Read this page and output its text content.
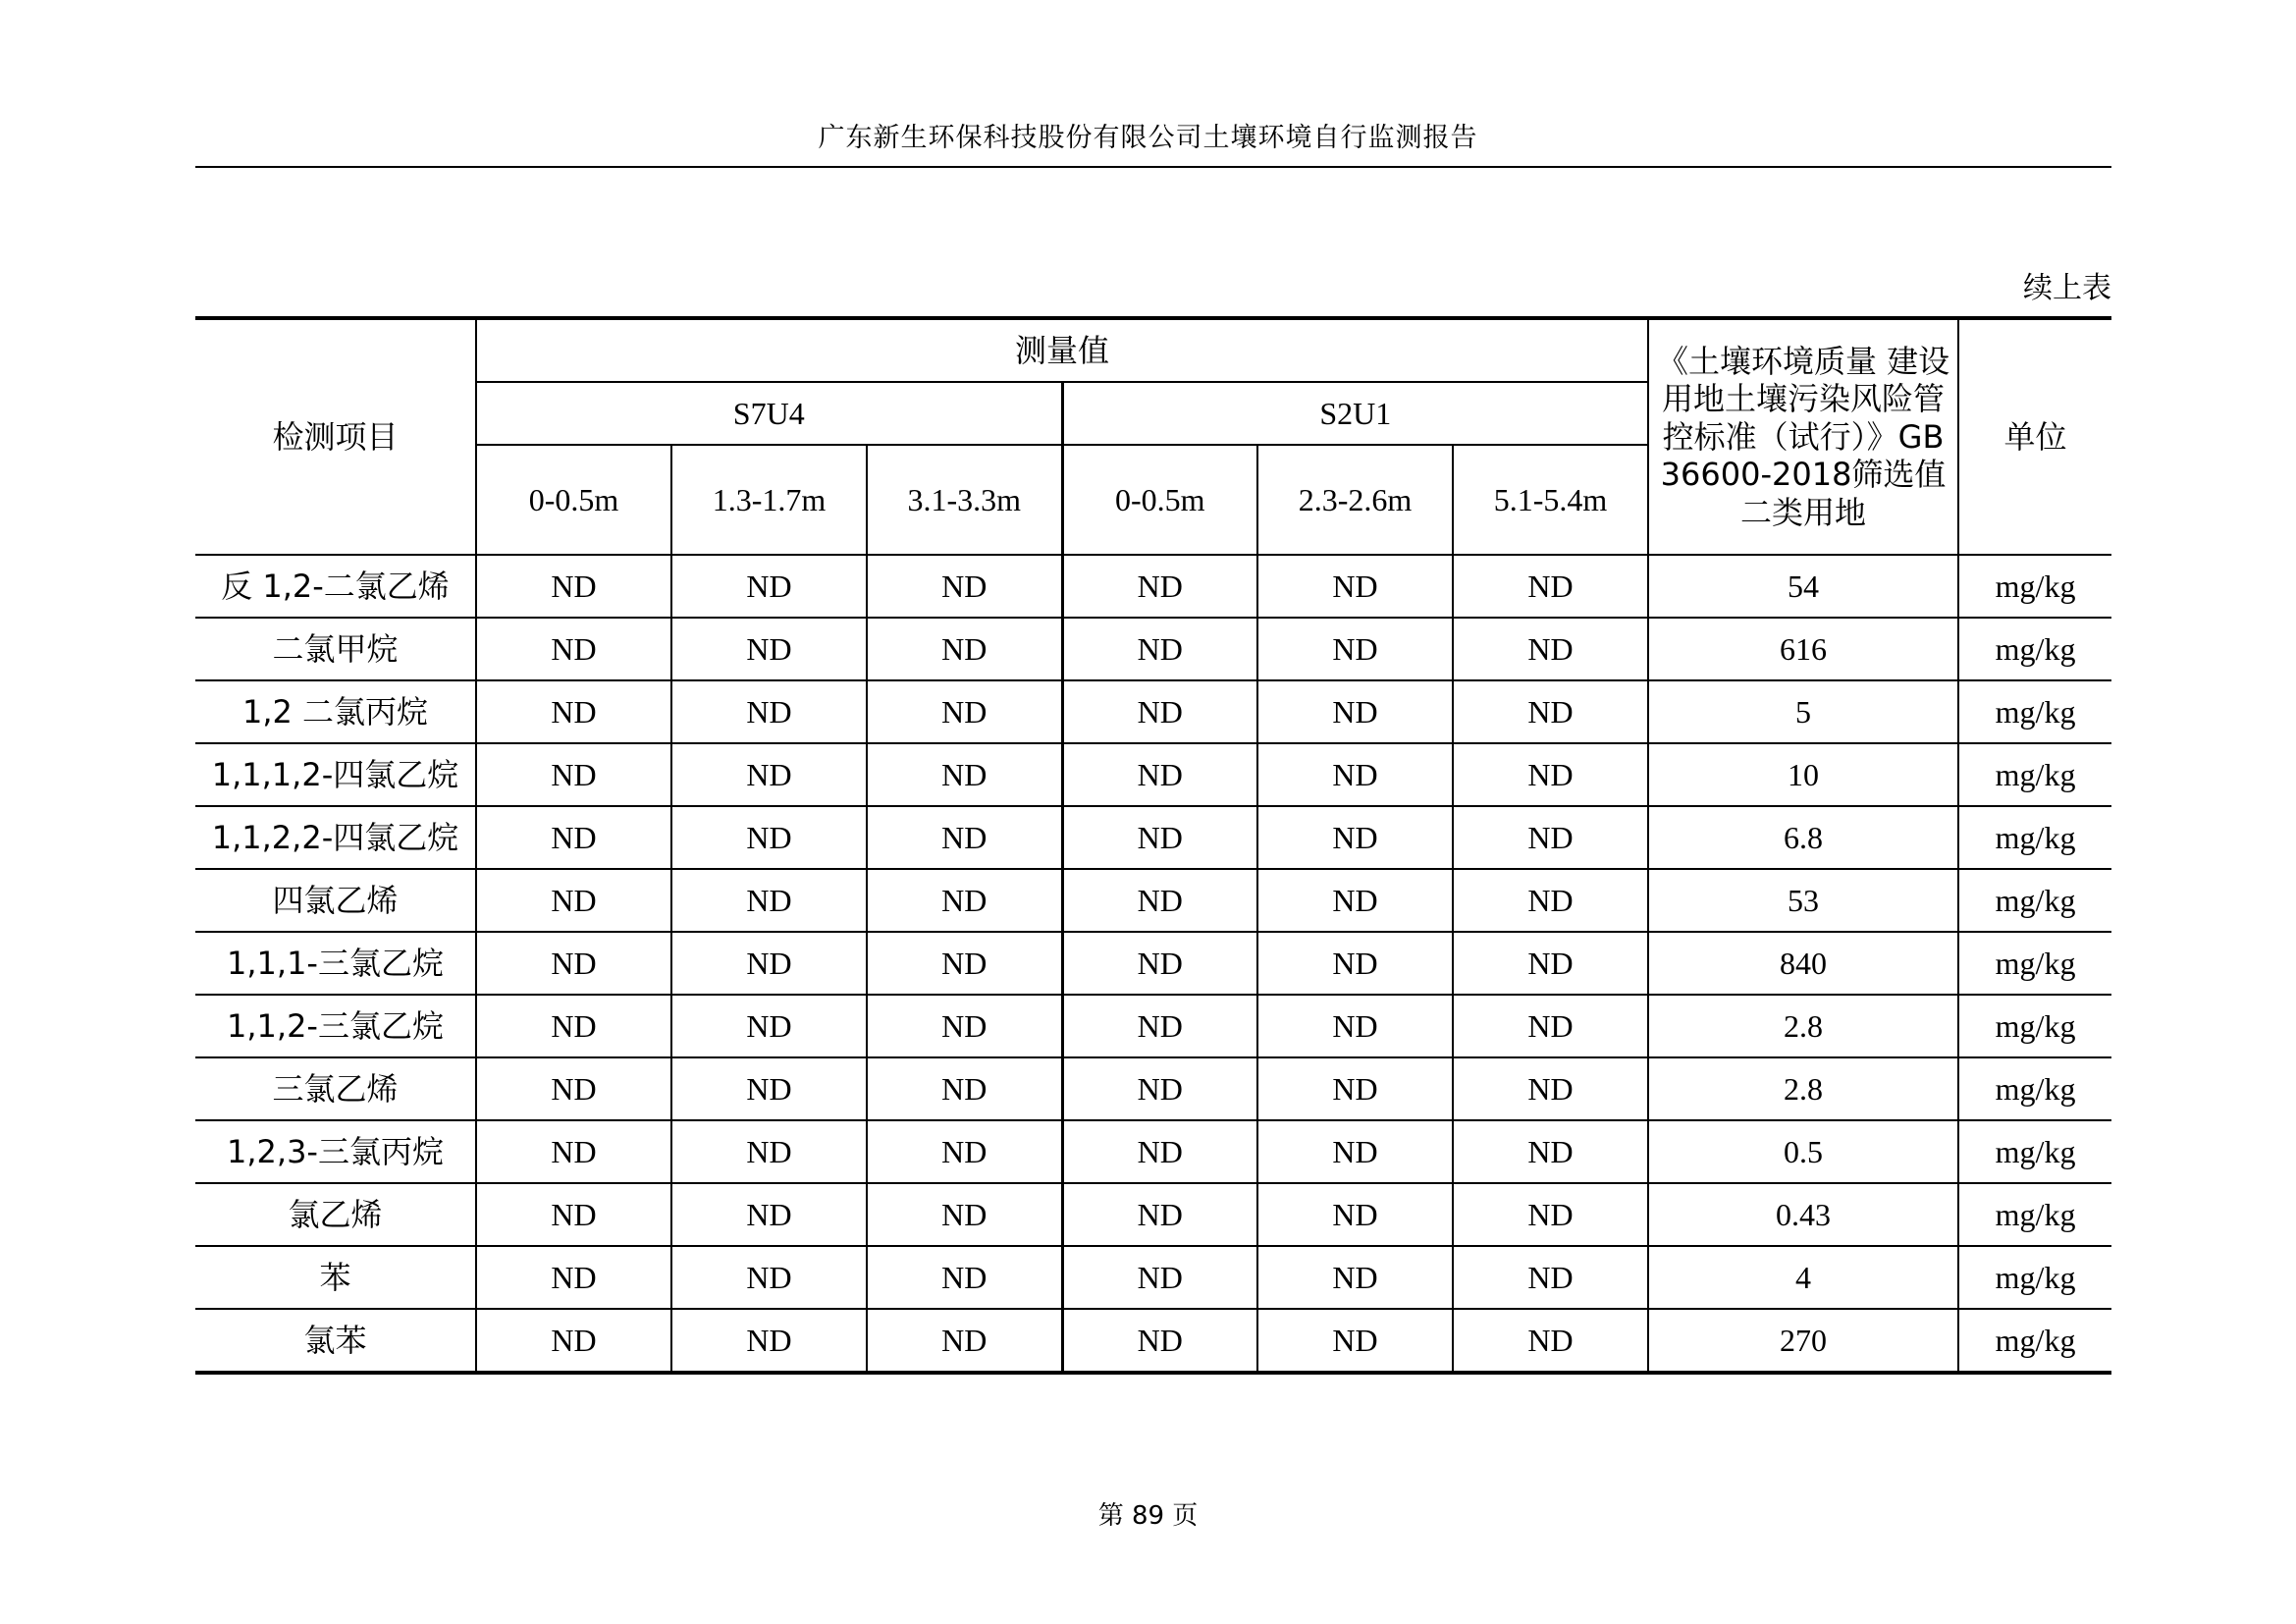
广东新生环保科技股份有限公司土壤环境自行监测报告
续上表
检测项目	测量值						《土壤环境质量 建设用地土壤污染风险管控标准（试行）》GB 36600-2018筛选值二类用地	单位
	S7U4			S2U1				
	0-0.5m	1.3-1.7m	3.1-3.3m	0-0.5m	2.3-2.6m	5.1-5.4m		
反 1,2-二氯乙烯	ND	ND	ND	ND	ND	ND	54	mg/kg
二氯甲烷	ND	ND	ND	ND	ND	ND	616	mg/kg
1,2 二氯丙烷	ND	ND	ND	ND	ND	ND	5	mg/kg
1,1,1,2-四氯乙烷	ND	ND	ND	ND	ND	ND	10	mg/kg
1,1,2,2-四氯乙烷	ND	ND	ND	ND	ND	ND	6.8	mg/kg
四氯乙烯	ND	ND	ND	ND	ND	ND	53	mg/kg
1,1,1-三氯乙烷	ND	ND	ND	ND	ND	ND	840	mg/kg
1,1,2-三氯乙烷	ND	ND	ND	ND	ND	ND	2.8	mg/kg
三氯乙烯	ND	ND	ND	ND	ND	ND	2.8	mg/kg
1,2,3-三氯丙烷	ND	ND	ND	ND	ND	ND	0.5	mg/kg
氯乙烯	ND	ND	ND	ND	ND	ND	0.43	mg/kg
苯	ND	ND	ND	ND	ND	ND	4	mg/kg
氯苯	ND	ND	ND	ND	ND	ND	270	mg/kg
第 89 页
